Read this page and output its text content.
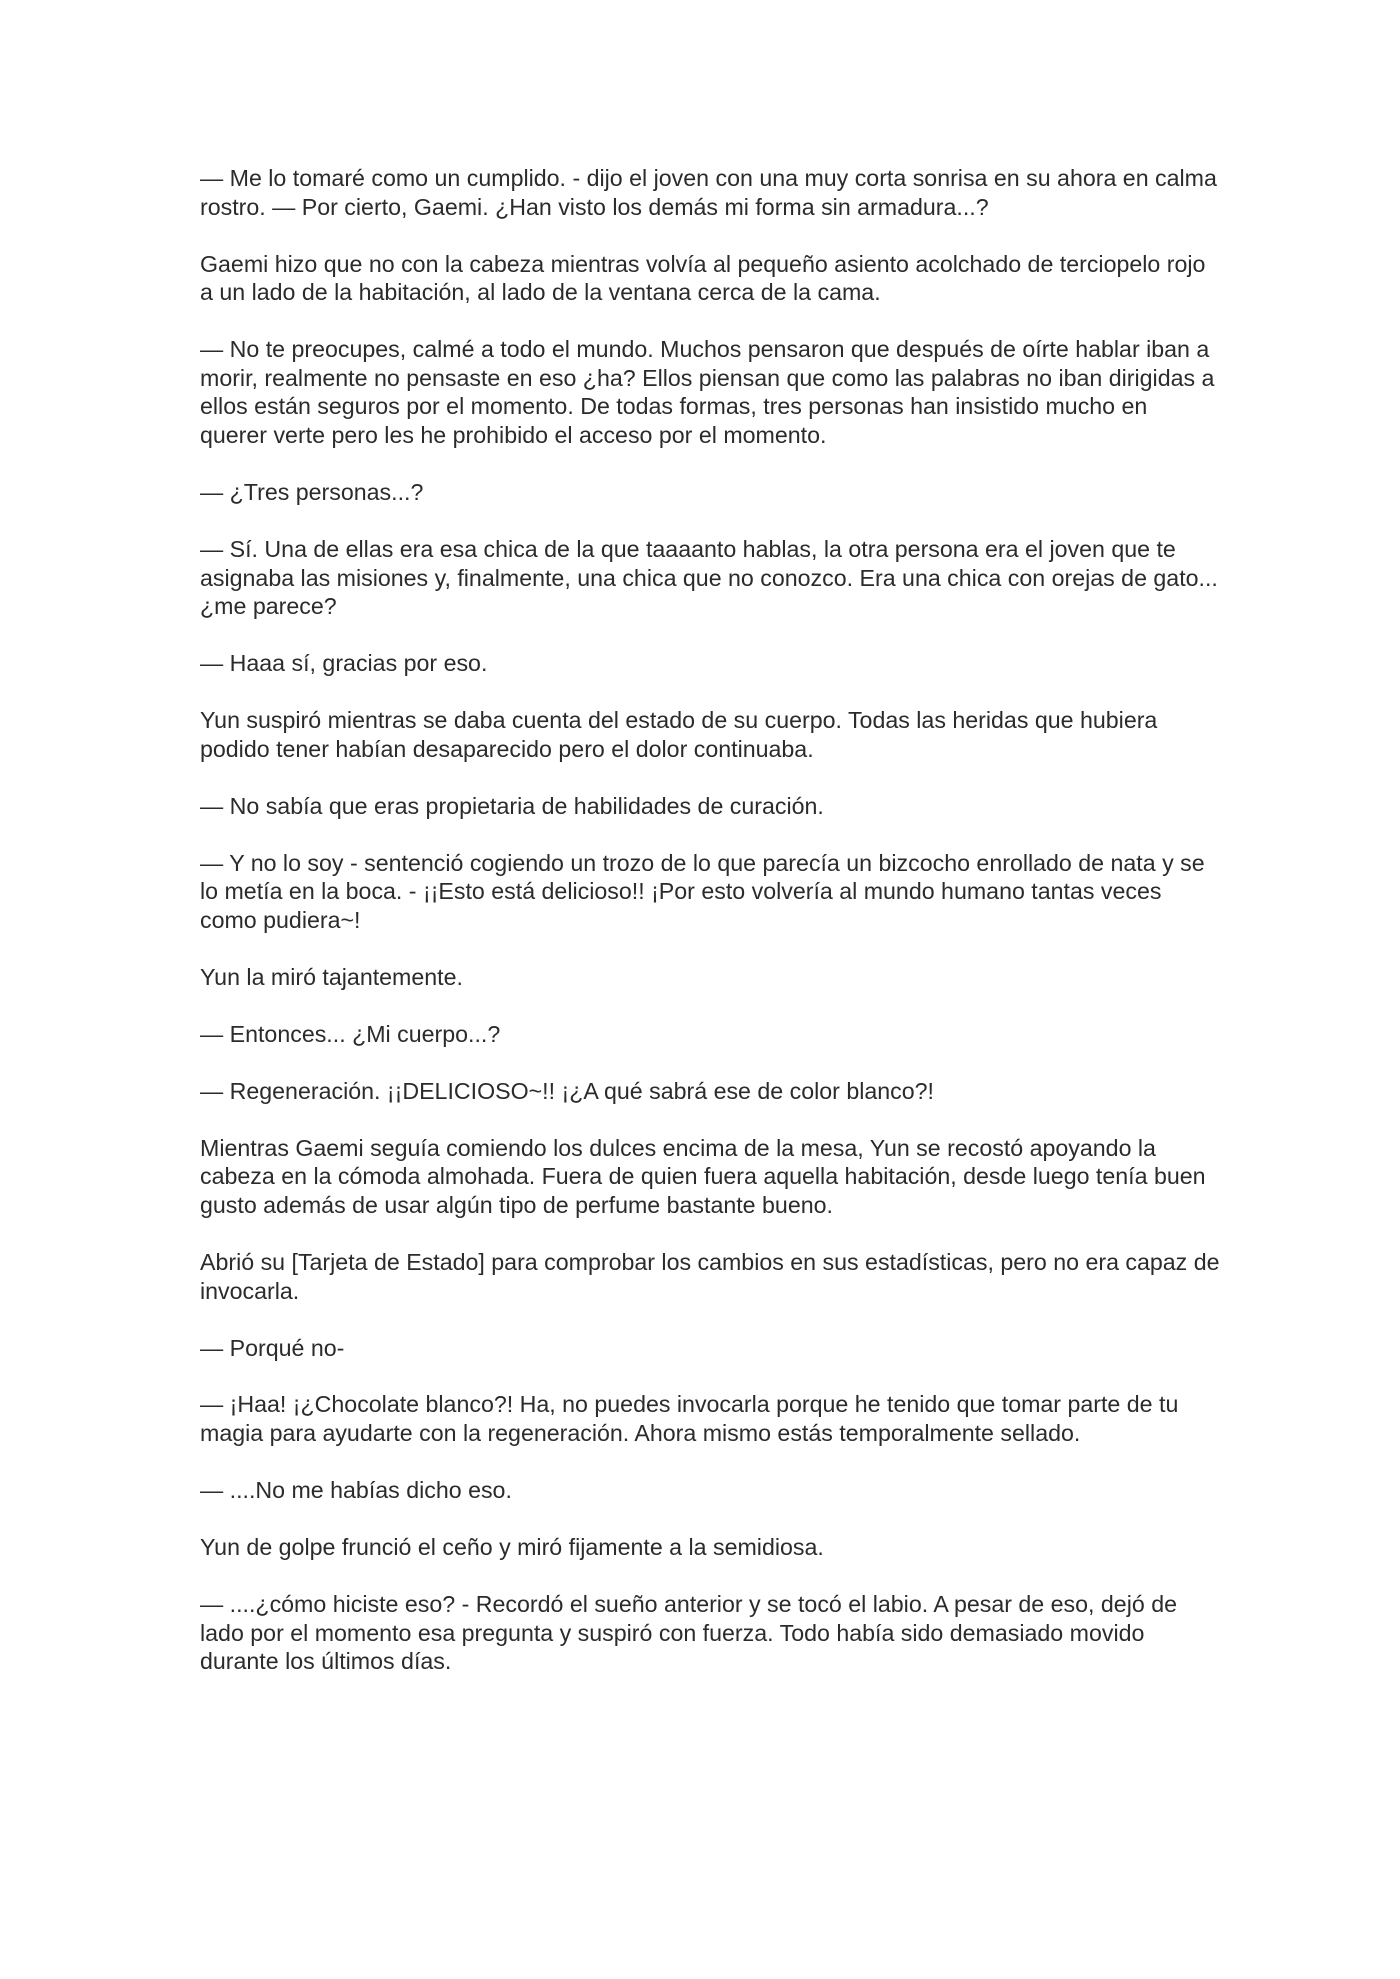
— Me lo tomaré como un cumplido. - dijo el joven con una muy corta sonrisa en su ahora en calma rostro. — Por cierto, Gaemi. ¿Han visto los demás mi forma sin armadura...?

Gaemi hizo que no con la cabeza mientras volvía al pequeño asiento acolchado de terciopelo rojo a un lado de la habitación, al lado de la ventana cerca de la cama.

— No te preocupes, calmé a todo el mundo. Muchos pensaron que después de oírte hablar iban a morir, realmente no pensaste en eso ¿ha? Ellos piensan que como las palabras no iban dirigidas a ellos están seguros por el momento. De todas formas, tres personas han insistido mucho en querer verte pero les he prohibido el acceso por el momento.

— ¿Tres personas...?

— Sí. Una de ellas era esa chica de la que taaaanto hablas, la otra persona era el joven que te asignaba las misiones y, finalmente, una chica que no conozco. Era una chica con orejas de gato... ¿me parece?

— Haaa sí, gracias por eso.

Yun suspiró mientras se daba cuenta del estado de su cuerpo. Todas las heridas que hubiera podido tener habían desaparecido pero el dolor continuaba.

— No sabía que eras propietaria de habilidades de curación.

— Y no lo soy - sentenció cogiendo un trozo de lo que parecía un bizcocho enrollado de nata y se lo metía en la boca. - ¡¡Esto está delicioso!! ¡Por esto volvería al mundo humano tantas veces como pudiera~!

Yun la miró tajantemente.

— Entonces... ¿Mi cuerpo...?

— Regeneración. ¡¡DELICIOSO~!! ¡¿A qué sabrá ese de color blanco?!

Mientras Gaemi seguía comiendo los dulces encima de la mesa, Yun se recostó apoyando la cabeza en la cómoda almohada. Fuera de quien fuera aquella habitación, desde luego tenía buen gusto además de usar algún tipo de perfume bastante bueno.

Abrió su [Tarjeta de Estado] para comprobar los cambios en sus estadísticas, pero no era capaz de invocarla.

— Porqué no-

— ¡Haa! ¡¿Chocolate blanco?! Ha, no puedes invocarla porque he tenido que tomar parte de tu magia para ayudarte con la regeneración. Ahora mismo estás temporalmente sellado.

— ....No me habías dicho eso.

Yun de golpe frunció el ceño y miró fijamente a la semidiosa.

— ....¿cómo hiciste eso? - Recordó el sueño anterior y se tocó el labio. A pesar de eso, dejó de lado por el momento esa pregunta y suspiró con fuerza. Todo había sido demasiado movido durante los últimos días.
